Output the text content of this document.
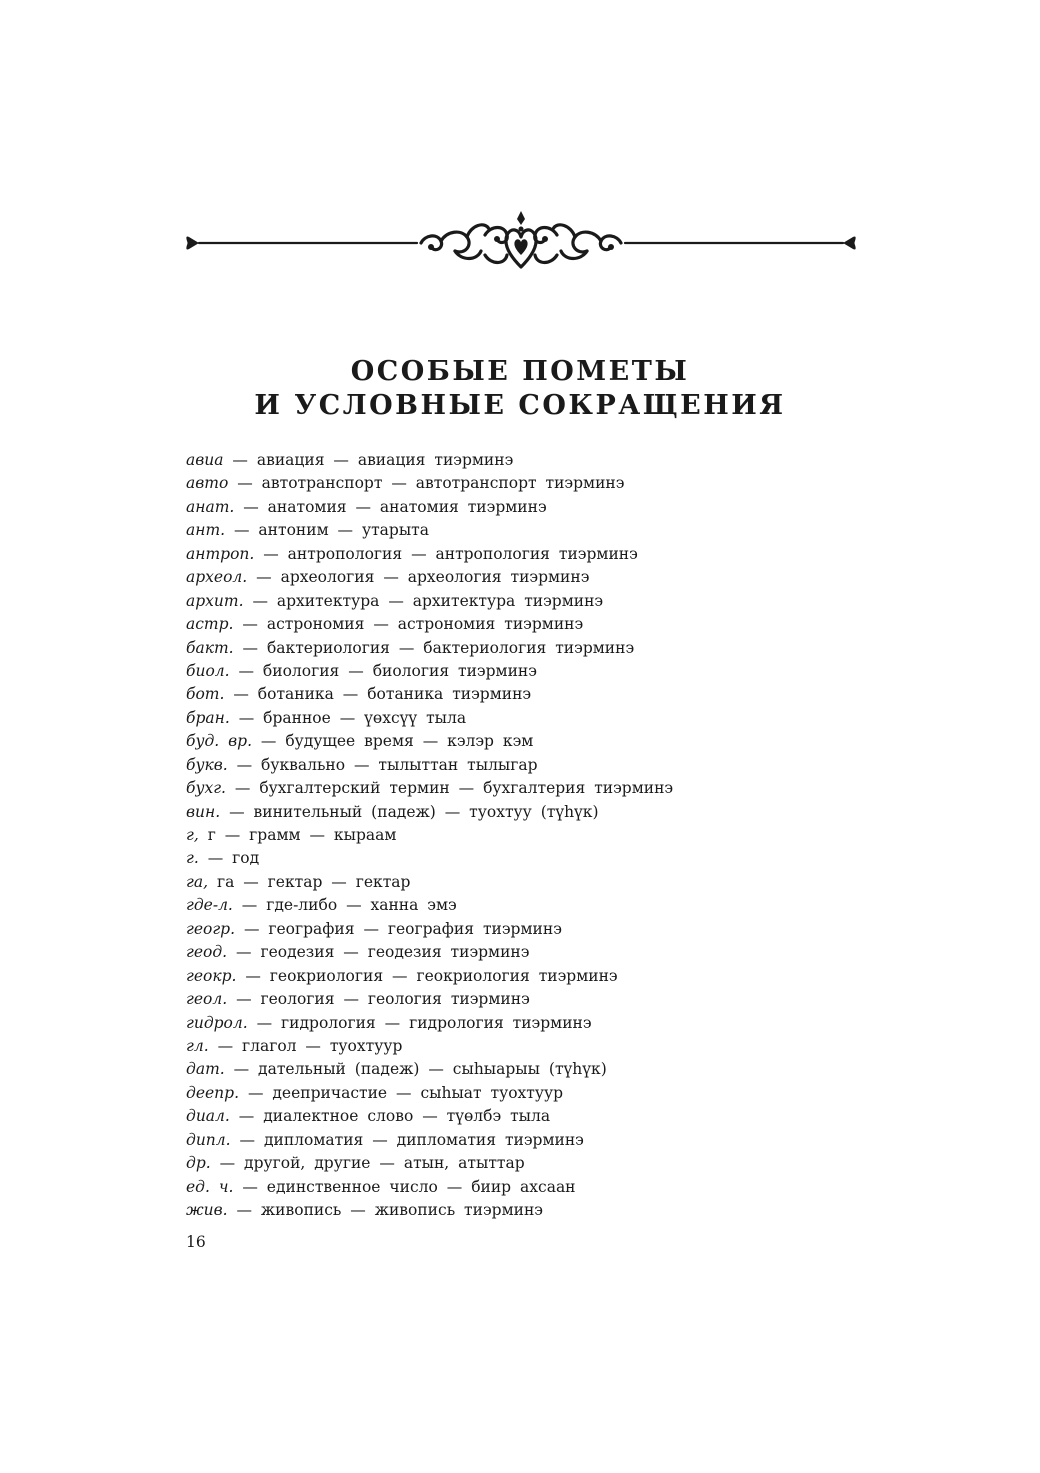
ОСОБЫЕ ПОМЕТЫ
И УСЛОВНЫЕ СОКРАЩЕНИЯ
авиа — авиация — авиация тиэрминэ
авто — автотранспорт — автотранспорт тиэрминэ
анат. — анатомия — анатомия тиэрминэ
ант. — антоним — утарыта
антроп. — антропология — антропология тиэрминэ
археол. — археология — археология тиэрминэ
архит. — архитектура — архитектура тиэрминэ
астр. — астрономия — астрономия тиэрминэ
бакт. — бактериология — бактериология тиэрминэ
биол. — биология — биология тиэрминэ
бот. — ботаника — ботаника тиэрминэ
бран. — бранное — үөхсүү тыла
буд. вр. — будущее время — кэлэр кэм
букв. — буквально — тылыттан тылыгар
бухг. — бухгалтерский термин — бухгалтерия тиэрминэ
вин. — винительный (падеж) — туохтуу (түһүк)
г, г — грамм — кыраам
г. — год
га, га — гектар — гектар
где-л. — где-либо — ханна эмэ
геогр. — география — география тиэрминэ
геод. — геодезия — геодезия тиэрминэ
геокр. — геокриология — геокриология тиэрминэ
геол. — геология — геология тиэрминэ
гидрол. — гидрология — гидрология тиэрминэ
гл. — глагол — туохтуур
дат. — дательный (падеж) — сыһыарыы (түһүк)
деепр. — деепричастие — сыһыат туохтуур
диал. — диалектное слово — түөлбэ тыла
дипл. — дипломатия — дипломатия тиэрминэ
др. — другой, другие — атын, атыттар
ед. ч. — единственное число — биир ахсаан
жив. — живопись — живопись тиэрминэ
16
